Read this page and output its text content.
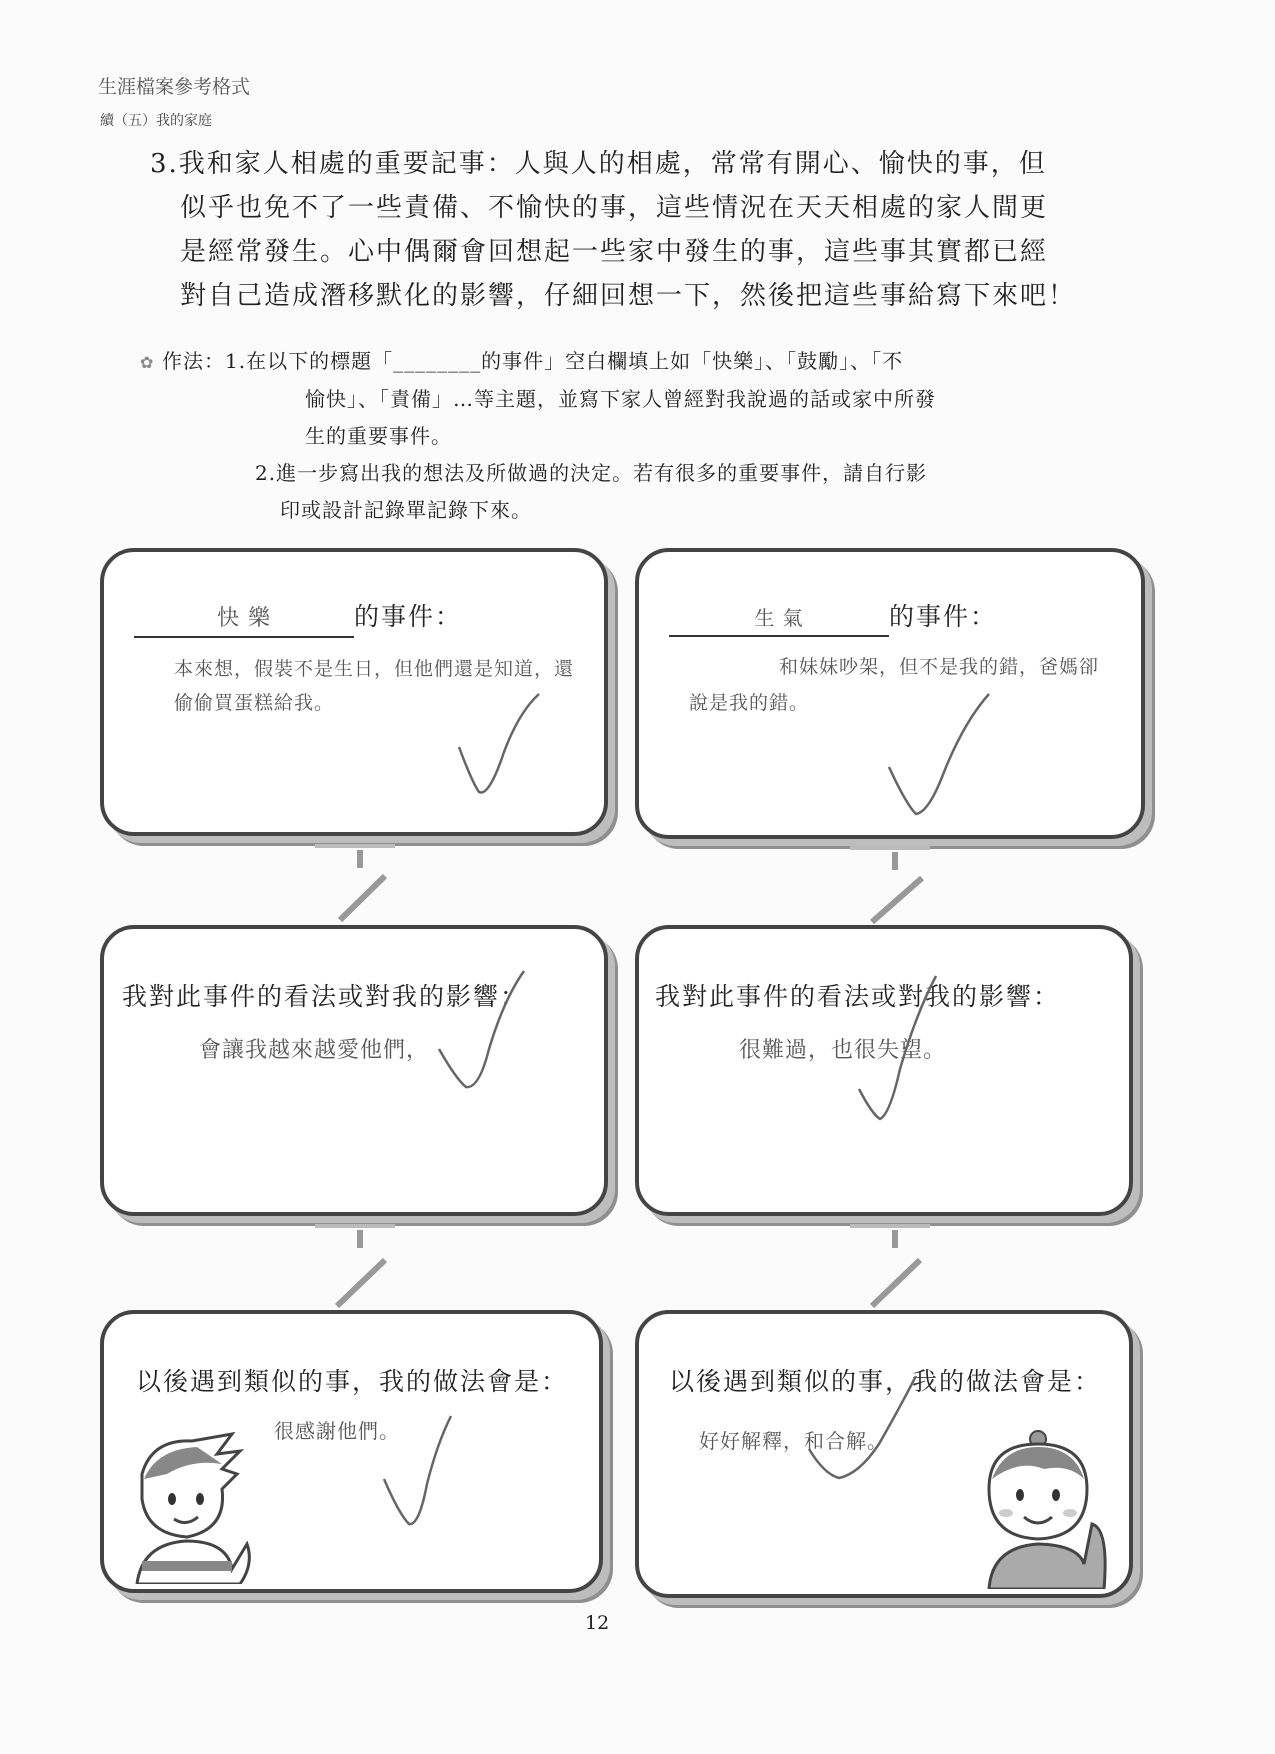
生涯檔案參考格式
續（五）我的家庭
3.我和家人相處的重要記事：人與人的相處，常常有開心、愉快的事，但
似乎也免不了一些責備、不愉快的事，這些情況在天天相處的家人間更
是經常發生。心中偶爾會回想起一些家中發生的事，這些事其實都已經
對自己造成潛移默化的影響，仔細回想一下，然後把這些事給寫下來吧！
✿ 作法：1.在以下的標題「________的事件」空白欄填上如「快樂」、「鼓勵」、「不
愉快」、「責備」…等主題，並寫下家人曾經對我說過的話或家中所發
生的重要事件。
2.進一步寫出我的想法及所做過的決定。若有很多的重要事件，請自行影
印或設計記錄單記錄下來。
快 樂	的事件：
本來想，假裝不是生日，但他們還是知道，還
偷偷買蛋糕給我。
我對此事件的看法或對我的影響：
會讓我越來越愛他們，
以後遇到類似的事，我的做法會是：
很感謝他們。
生 氣	的事件：
和妹妹吵架，但不是我的錯，爸媽卻
說是我的錯。
我對此事件的看法或對我的影響：
很難過，也很失望。
以後遇到類似的事，我的做法會是：
好好解釋，和合解。
12
